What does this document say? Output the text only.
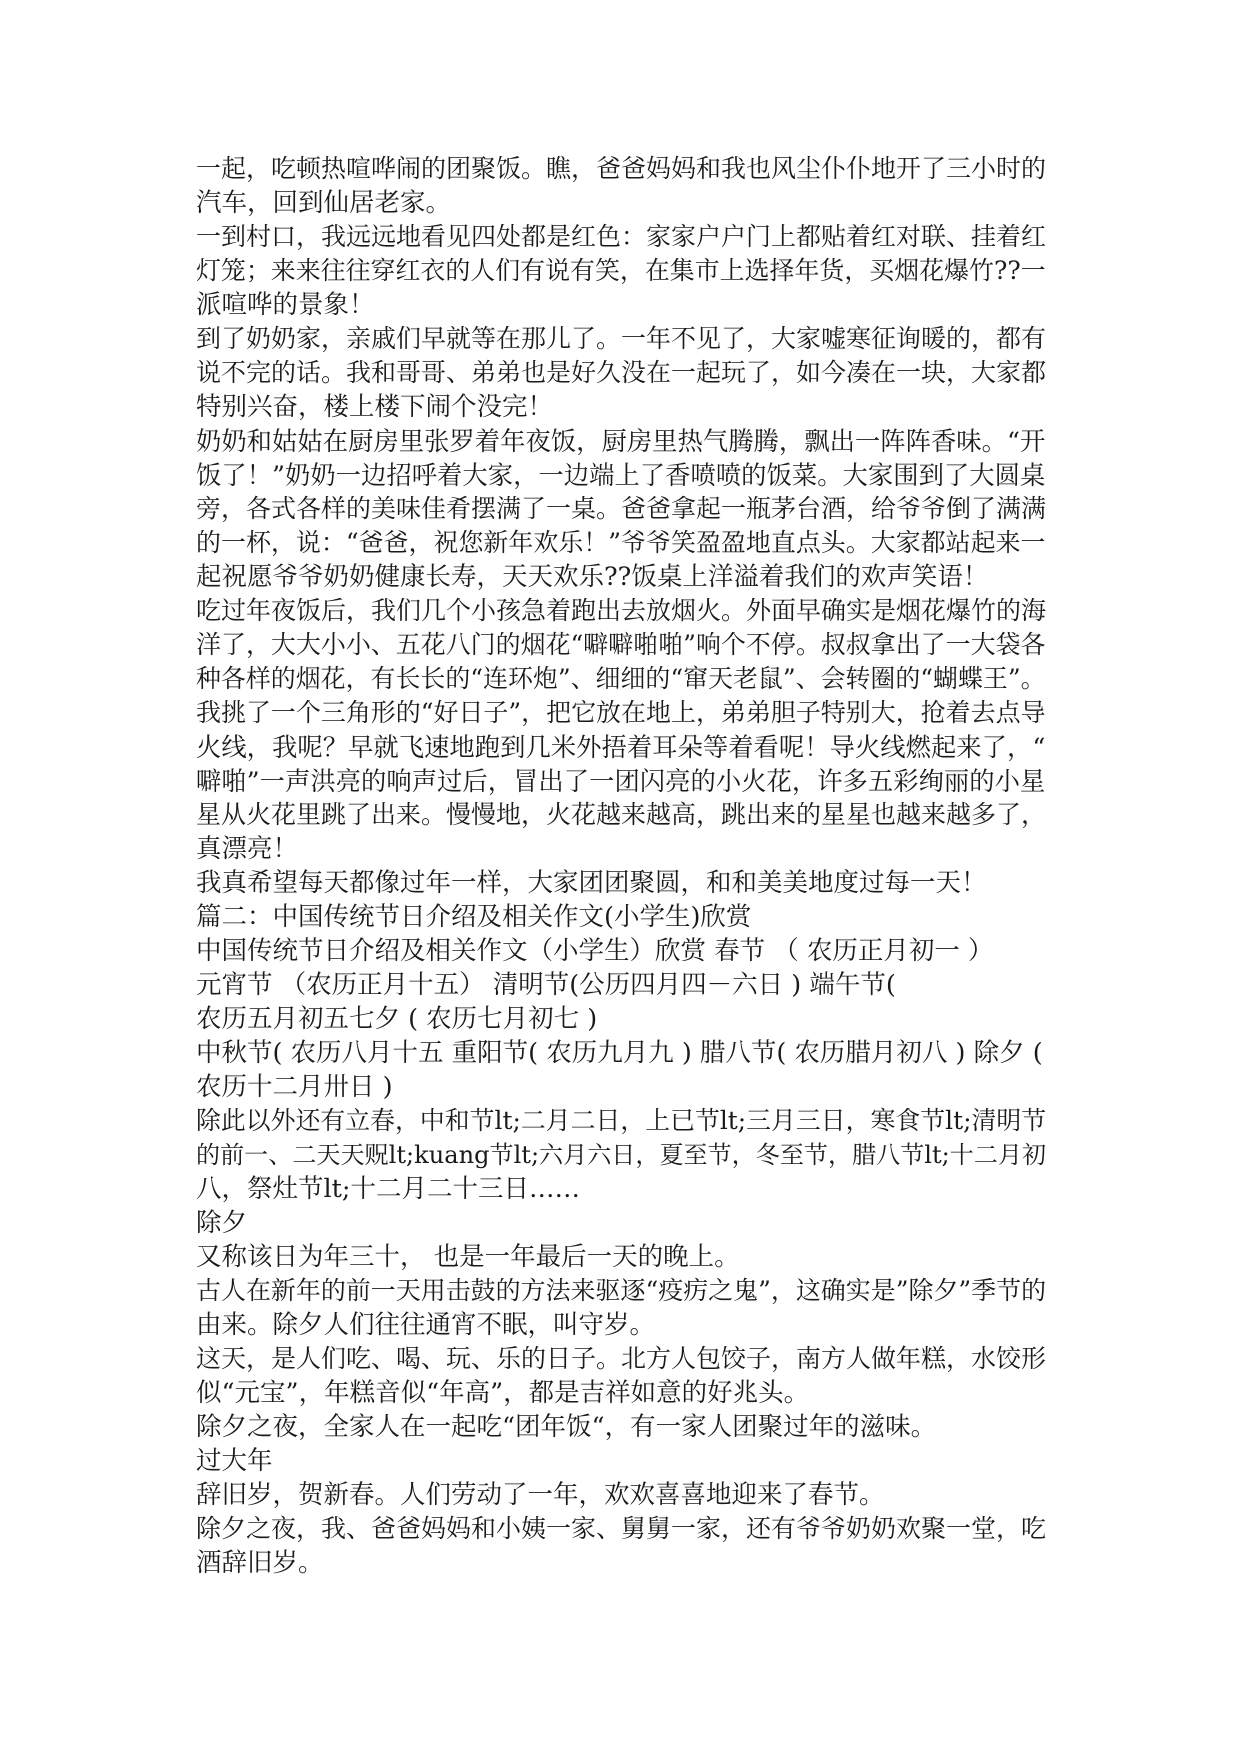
一起，吃顿热喧哗闹的团聚饭。瞧，爸爸妈妈和我也风尘仆仆地开了三小时的
汽车，回到仙居老家。
一到村口，我远远地看见四处都是红色：家家户户门上都贴着红对联、挂着红
灯笼；来来往往穿红衣的人们有说有笑，在集市上选择年货，买烟花爆竹??一
派喧哗的景象！
到了奶奶家，亲戚们早就等在那儿了。一年不见了，大家嘘寒征询暖的，都有
说不完的话。我和哥哥、弟弟也是好久没在一起玩了，如今凑在一块，大家都
特别兴奋，楼上楼下闹个没完！
奶奶和姑姑在厨房里张罗着年夜饭，厨房里热气腾腾，飘出一阵阵香味。“开
饭了！”奶奶一边招呼着大家，一边端上了香喷喷的饭菜。大家围到了大圆桌
旁，各式各样的美味佳肴摆满了一桌。爸爸拿起一瓶茅台酒，给爷爷倒了满满
的一杯，说：“爸爸，祝您新年欢乐！”爷爷笑盈盈地直点头。大家都站起来一
起祝愿爷爷奶奶健康长寿，天天欢乐??饭桌上洋溢着我们的欢声笑语！
吃过年夜饭后，我们几个小孩急着跑出去放烟火。外面早确实是烟花爆竹的海
洋了，大大小小、五花八门的烟花“噼噼啪啪”响个不停。叔叔拿出了一大袋各
种各样的烟花，有长长的“连环炮”、细细的“窜天老鼠”、会转圈的“蝴蝶王”。
我挑了一个三角形的“好日子”，把它放在地上，弟弟胆子特别大，抢着去点导
火线，我呢？早就飞速地跑到几米外捂着耳朵等着看呢！导火线燃起来了，“
噼啪”一声洪亮的响声过后，冒出了一团闪亮的小火花，许多五彩绚丽的小星
星从火花里跳了出来。慢慢地，火花越来越高，跳出来的星星也越来越多了，
真漂亮！
我真希望每天都像过年一样，大家团团聚圆，和和美美地度过每一天！
篇二：中国传统节日介绍及相关作文(小学生)欣赏
中国传统节日介绍及相关作文（小学生）欣赏 春节 （ 农历正月初一 ）
元宵节 （农历正月十五） 清明节(公历四月四－六日 ) 端午节(
农历五月初五七夕 ( 农历七月初七 )
中秋节( 农历八月十五 重阳节( 农历九月九 ) 腊八节( 农历腊月初八 ) 除夕 (
农历十二月卅日 )
除此以外还有立春，中和节lt;二月二日，上已节lt;三月三日，寒食节lt;清明节
的前一、二天天贶lt;kuang节lt;六月六日，夏至节，冬至节，腊八节lt;十二月初
八，祭灶节lt;十二月二十三日……
除夕
又称该日为年三十， 也是一年最后一天的晚上。
古人在新年的前一天用击鼓的方法来驱逐“疫疠之鬼”，这确实是”除夕”季节的
由来。除夕人们往往通宵不眠，叫守岁。
这天，是人们吃、喝、玩、乐的日子。北方人包饺子，南方人做年糕，水饺形
似“元宝”，年糕音似“年高”，都是吉祥如意的好兆头。
除夕之夜，全家人在一起吃“团年饭“，有一家人团聚过年的滋味。
过大年
辞旧岁，贺新春。人们劳动了一年，欢欢喜喜地迎来了春节。
除夕之夜，我、爸爸妈妈和小姨一家、舅舅一家，还有爷爷奶奶欢聚一堂，吃
酒辞旧岁。
